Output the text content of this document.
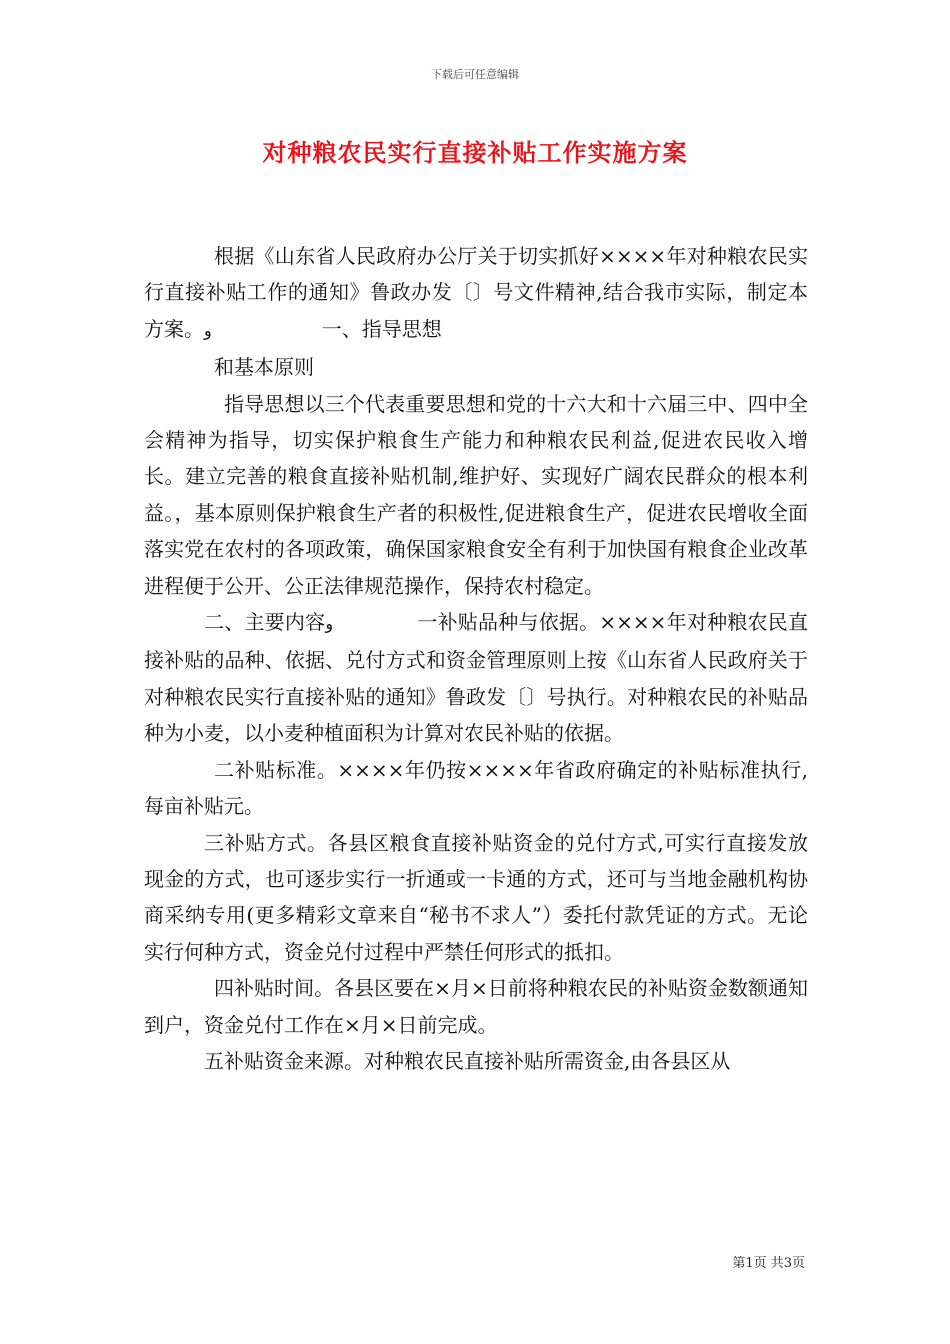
下载后可任意编辑
对种粮农民实行直接补贴工作实施方案

根据《山东省人民政府办公厅关于切实抓好××××年对种粮农民实行直接补贴工作的通知》鲁政办发〔〕号文件精神,结合我市实际，制定本方案。و	一、指导思想

和基本原则

指导思想以三个代表重要思想和党的十六大和十六届三中、四中全会精神为指导，切实保护粮食生产能力和种粮农民利益,促进农民收入增长。建立完善的粮食直接补贴机制,维护好、实现好广阔农民群众的根本利益。，基本原则保护粮食生产者的积极性,促进粮食生产，促进农民增收全面落实党在农村的各项政策，确保国家粮食安全有利于加快国有粮食企业改革进程便于公开、公正法律规范操作，保持农村稳定。

二、主要内容و	一补贴品种与依据。××××年对种粮农民直接补贴的品种、依据、兑付方式和资金管理原则上按《山东省人民政府关于对种粮农民实行直接补贴的通知》鲁政发〔〕号执行。对种粮农民的补贴品种为小麦，以小麦种植面积为计算对农民补贴的依据。

二补贴标准。××××年仍按××××年省政府确定的补贴标准执行,每亩补贴元。

三补贴方式。各县区粮食直接补贴资金的兑付方式,可实行直接发放现金的方式，也可逐步实行一折通或一卡通的方式，还可与当地金融机构协商采纳专用(更多精彩文章来自“秘书不求人”）委托付款凭证的方式。无论实行何种方式，资金兑付过程中严禁任何形式的抵扣。

四补贴时间。各县区要在×月×日前将种粮农民的补贴资金数额通知到户，资金兑付工作在×月×日前完成。

五补贴资金来源。对种粮农民直接补贴所需资金,由各县区从

第1页 共3页
